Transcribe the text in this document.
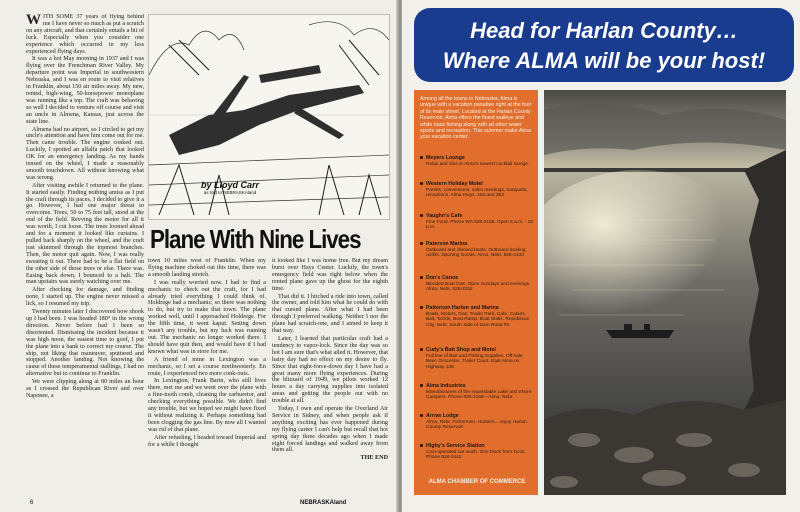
WITH SOME 37 years of flying behind me I have never so much as put a scratch on any aircraft, and that certainly entails a bit of luck. Especially when you consider one experience which occurred in my less experienced flying days.

It was a hot May morning in 1937 and I was flying over the Frenchman River Valley. My departure point was Imperial in southwestern Nebraska, and I was en route to visit relatives in Franklin, about 150 air miles away. My new, rented, high-wing, 50-horsepower monoplane was running like a top. The craft was behaving so well I decided to venture off course and visit an uncle in Almena, Kansas, just across the state line.

Almena had no airport, so I circled to get my uncle's attention and have him come out for me. Then came trouble. The engine conked out. Luckily, I spotted an alfalfa patch that looked OK for an emergency landing. As my hands tensed on the wheel, I made a reasonably smooth touchdown. All without knowing what was wrong.

After visiting awhile I returned to the plane. It started easily. Finding nothing amiss as I put the craft through its paces, I decided to give it a go. However, I had one major threat to overcome. Trees, 50 to 75 feet tall, stood at the end of the field. Revving the motor for all it was worth, I cut loose. The trees loomed ahead and for a moment it looked like curtains. I pulled back sharply on the wheel, and the craft just skimmed through the topmost branches. Then, the motor quit again. Now, I was really sweating it out. There had to be a flat field on the other side of those trees or else. There was. Easing back down, I bounced to a halt. The man upstairs was surely watching over me.

After checking for damage, and finding none, I started up. The engine never missed a lick, so I resumed my trip.

Twenty minutes later I discovered how shook up I had been. I was headed 180° in the wrong direction. Never before had I been so disoriented. Dismissing the incident because it was high noon, the easiest time to goof, I put the plane into a bank to correct my course. The ship, not liking that maneuver, sputtered and stopped. Another landing. Not knowing the cause of these temperamental stallings, I had no alternative but to continue to Franklin.

We were clipping along at 80 miles an hour as I crossed the Republican River and over Naponee, a

by Lloyd Carr
as told to NEBRASKAland
Plane With Nine Lives

town 10 miles west of Franklin. When my flying machine choked out this time, there was a smooth landing stretch.

I was really worried now. I had to find a mechanic to check out the craft, for I had already tried everything I could think of. Holdrege had a mechanic, so there was nothing to do, but try to make that town. The plane worked well, until I approached Holdrege. For the fifth time, it went kaput. Setting down wasn't any trouble, but my luck was running out. The mechanic no longer worked there. I should have quit then, and would have if I had known what was in store for me.

A friend of mine in Lexington was a mechanic, so I set a course northwesterly. En route, I experienced two more conk-outs.

In Lexington, Frank Barin, who still lives there, met me and we went over the plane with a fine-tooth comb, cleaning the carburetor, and checking everything possible. We didn't find any trouble, but we hoped we might have fixed it without realizing it. Perhaps something had been clogging the gas line. By now all I wanted was rid of that plane.

After refueling, I headed toward Imperial and for a while I thought

it looked like I was home free. But my dream burst over Hays Center. Luckily, the town's emergency field was right below when the rented plane gave up the ghost for the eighth time.

That did it. I hitched a ride into town, called the owner, and told him what he could do with that cursed plane. After what I had been through I preferred walking. Neither I nor the plane had scratch-one, and I aimed to keep it that way.

Later, I learned that particular craft had a tendency to vapor-lock. Since the day was so hot I am sure that's what ailed it. However, that hairy day had no effect on my desire to fly. Since that eight-force-down day I have had a great many more flying experiences. During the blizzard of 1949, we pilots worked 12 hours a day carrying supplies into isolated areas and getting the people out with no trouble at all.

Today, I own and operate the Overland Air Service in Sidney, and when people ask if anything exciting has ever happened during my flying career I can't help but recall that hot spring day three decades ago when I made eight forced landings and walked away from them all.

THE END

6	NEBRASKAland
Head for Harlan County…
Where ALMA will be your host!
Among all the towns in Nebraska, Alma is unique with a vacation paradise right at the foot of its main street. Located at the Harlan County Reservoir, Alma offers the finest walleye and white bass fishing along with all other water sports and recreation. This summer make Alma your vacation center.
Meyers Lounge
Relax and dine in Alma's newest cocktail lounge.
Western Holiday Motel
Parties, conventions, sales meetings, banquets, receptions. Alma Hwys. 183 and 383
Vaughn's Cafe
Fine Food. Phone WA 928-2158. Open 6 a.m. - 10 p.m.
Paterson Marina
Outboard and inboard boats. Outboard boating outfits. Sporting Goods. Alma, Nebr. 928-2133
Don's Canoe
Blended Boat Gas. Open Sundays and evenings. Alma, Nebr. 928-2252
Patterson Harbor and Marina
Boats, Motors, Gas, Trailer Park, Cafe, Cabins, Bait, Tackle, Boat Ramp, Boat Stalls. Republican City, Nebr. South Side of Dam Road #3
Cudy's Bait Shop and Motel
Full line of Bait and Fishing Supplies. Off-sale Beer, Groceries, Trailer Court. East Alma on Highway 136
Alma Industries
Manufacturers of the expandable Lake and Shore Campers. Phone 928-2168—Alma, Nebr.
Arrow Lodge
Alma, Nebr. Fishermen, Hunters... enjoy Harlan County Reservoir
Higby's Service Station
Coin-operated car wash. One block from Dock. Phone 928-2442
ALMA CHAMBER OF COMMERCE
